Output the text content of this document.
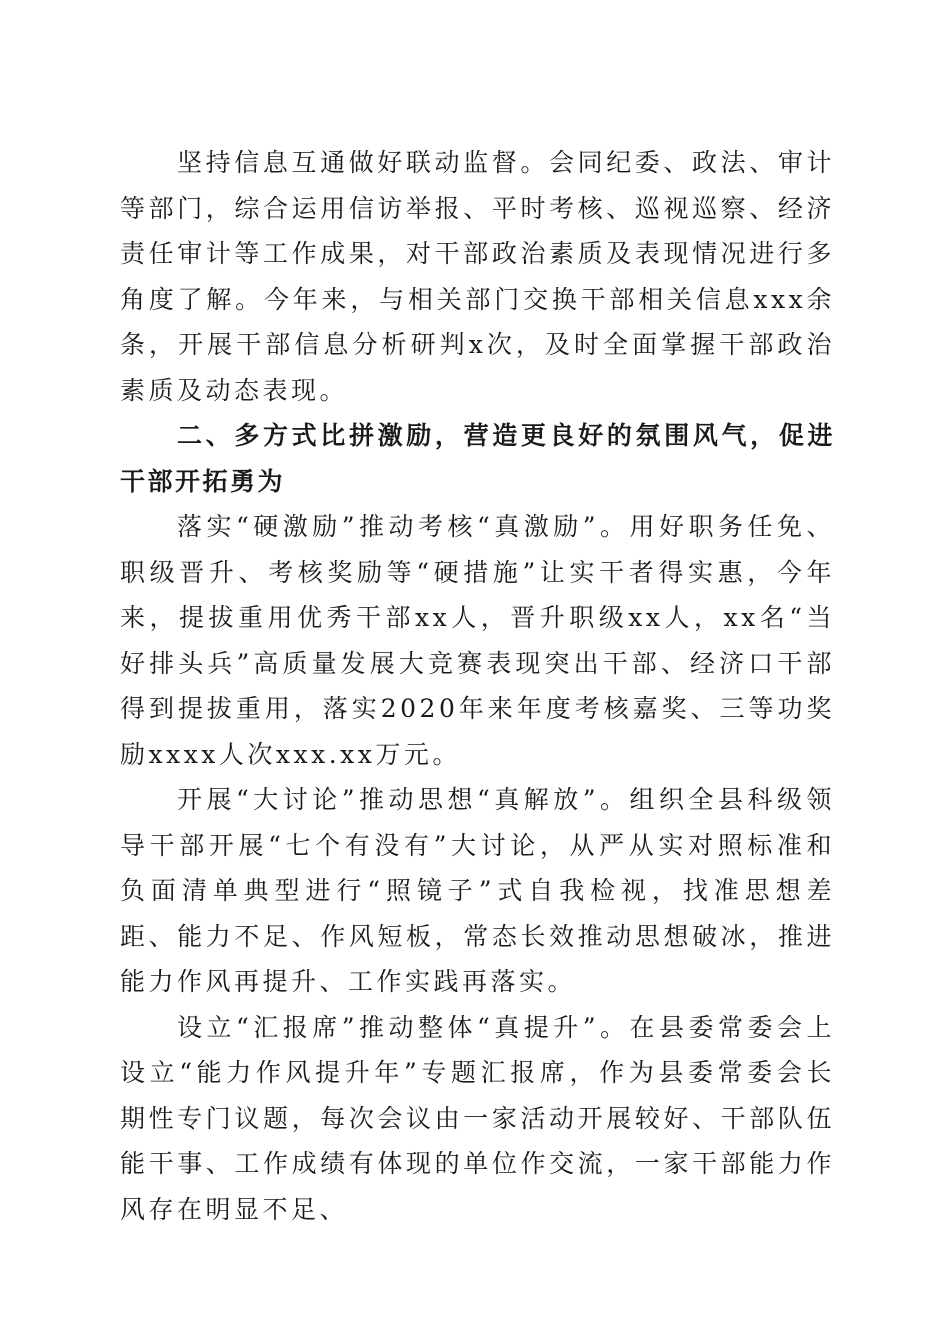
坚持信息互通做好联动监督。会同纪委、政法、审计等部门，综合运用信访举报、平时考核、巡视巡察、经济责任审计等工作成果，对干部政治素质及表现情况进行多角度了解。今年来，与相关部门交换干部相关信息xxx余条，开展干部信息分析研判x次，及时全面掌握干部政治素质及动态表现。

二、多方式比拼激励，营造更良好的氛围风气，促进干部开拓勇为

落实“硬激励”推动考核“真激励”。用好职务任免、职级晋升、考核奖励等“硬措施”让实干者得实惠，今年来，提拔重用优秀干部xx人，晋升职级xx人，xx名“当好排头兵”高质量发展大竞赛表现突出干部、经济口干部得到提拔重用，落实2020年来年度考核嘉奖、三等功奖励xxxx人次xxx.xx万元。

开展“大讨论”推动思想“真解放”。组织全县科级领导干部开展“七个有没有”大讨论，从严从实对照标准和负面清单典型进行“照镜子”式自我检视，找准思想差距、能力不足、作风短板，常态长效推动思想破冰，推进能力作风再提升、工作实践再落实。

设立“汇报席”推动整体“真提升”。在县委常委会上设立“能力作风提升年”专题汇报席，作为县委常委会长期性专门议题，每次会议由一家活动开展较好、干部队伍能干事、工作成绩有体现的单位作交流，一家干部能力作风存在明显不足、
